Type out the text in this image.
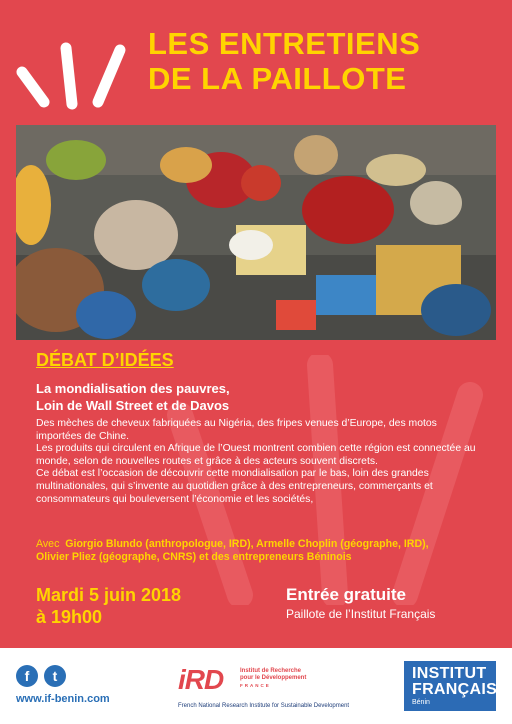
LES ENTRETIENS
DE LA PAILLOTE
DÉBAT D’IDÉES
La mondialisation des pauvres,
Loin de Wall Street et de Davos

Des mèches de cheveux fabriquées au Nigéria, des fripes venues d’Europe, des motos importées de Chine.

Les produits qui circulent en Afrique de l’Ouest montrent combien cette région est connectée au monde, selon de nouvelles routes et grâce à des acteurs souvent discrets.

Ce débat est l’occasion de découvrir cette mondialisation par le bas, loin des grandes multinationales, qui s’invente au quotidien grâce à des entrepreneurs, commerçants et consommateurs qui bouleversent l’économie et les sociétés,

Avec Giorgio Blundo (anthropologue, IRD), Armelle Choplin (géographe, IRD),
Olivier Pliez (géographe, CNRS) et des entrepreneurs Béninois
Mardi 5 juin 2018
à 19h00
Entrée gratuite
Paillote de l’Institut Français
f	t
www.if-benin.com
iRD	Institut de Recherche
pour le Développement
FRANCE
French National Research Institute for Sustainable Development
INSTITUT
FRANÇAIS
Bénin
